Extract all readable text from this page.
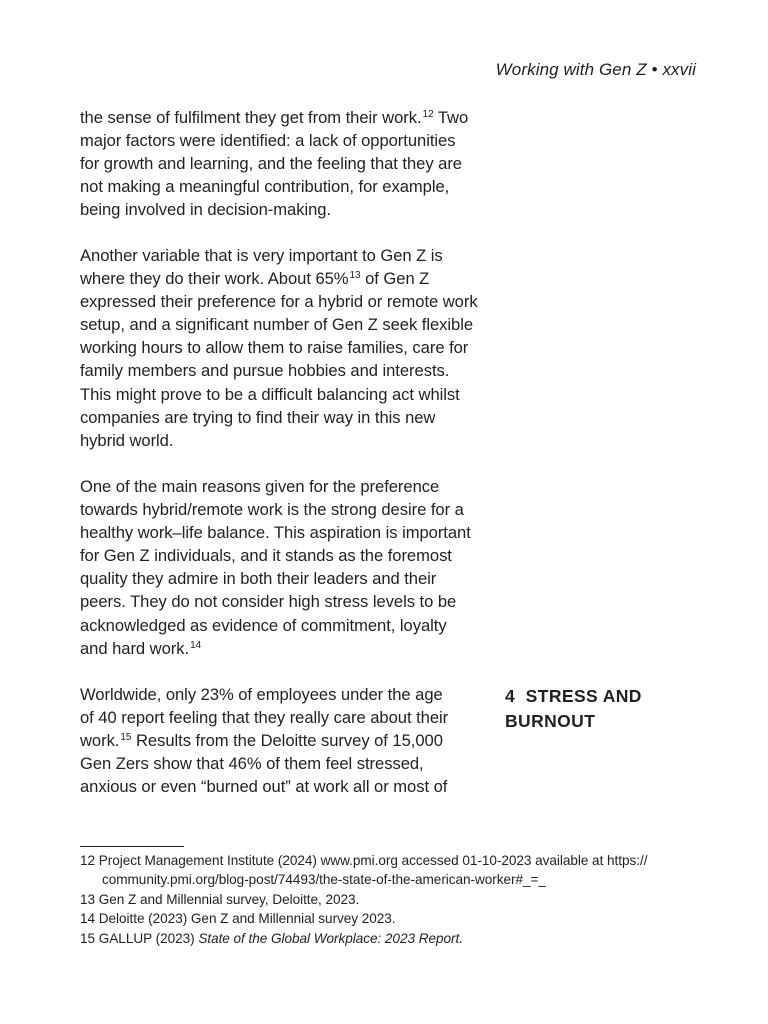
Working with Gen Z • xxvii
the sense of fulfilment they get from their work.$^{12}$ Two
major factors were identified: a lack of opportunities
for growth and learning, and the feeling that they are
not making a meaningful contribution, for example,
being involved in decision-making.
Another variable that is very important to Gen Z is
where they do their work. About 65%$^{13}$ of Gen Z
expressed their preference for a hybrid or remote work
setup, and a significant number of Gen Z seek flexible
working hours to allow them to raise families, care for
family members and pursue hobbies and interests.
This might prove to be a difficult balancing act whilst
companies are trying to find their way in this new
hybrid world.
One of the main reasons given for the preference
towards hybrid/remote work is the strong desire for a
healthy work–life balance. This aspiration is important
for Gen Z individuals, and it stands as the foremost
quality they admire in both their leaders and their
peers. They do not consider high stress levels to be
acknowledged as evidence of commitment, loyalty
and hard work.$^{14}$
Worldwide, only 23% of employees under the age
of 40 report feeling that they really care about their
work.$^{15}$ Results from the Deloitte survey of 15,000
Gen Zers show that 46% of them feel stressed,
anxious or even “burned out” at work all or most of
4 STRESS AND
BURNOUT
12 Project Management Institute (2024) www.pmi.org accessed 01-10-2023 available at https://
community.pmi.org/blog-post/74493/the-state-of-the-american-worker#_=_
13 Gen Z and Millennial survey, Deloitte, 2023.
14 Deloitte (2023) Gen Z and Millennial survey 2023.
15 GALLUP (2023) State of the Global Workplace: 2023 Report.
